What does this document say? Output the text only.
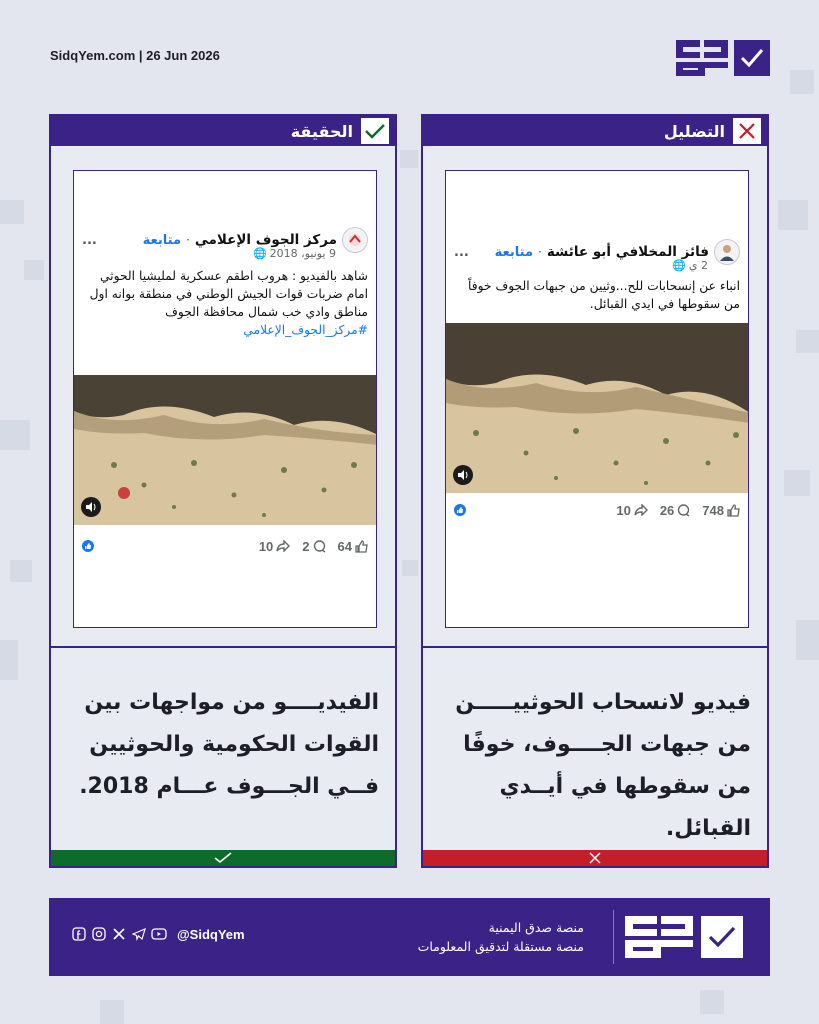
SidqYem.com | 26 Jun 2026
الحقيقة
مركز الجوف الإعلامي
·
متابعة
...
9 يونيو، 2018
🌐
شاهد بالفيديو : هروب اطقم عسكرية لمليشيا الحوثي امام ضربات قوات الجيش الوطني في منطقة بوانه اول مناطق وادي خب شمال محافظة الجوف
#مركز_الجوف_الإعلامي
10 2 64
الفيديــــو من مواجهات بين القوات الحكومية والحوثيين فــي الجـــوف عـــام 2018.
التضليل
فائز المخلافي أبو عائشة
·
متابعة
...
2 ي
🌐
انباء عن إنسحابات للح...وثيين من جبهات الجوف خوفاً من سقوطها في ايدي القبائل.
10 26 748
فيديو لانسحاب الحوثييـــــن من جبهات الجــــوف، خوفًا من سقوطها في أيــدي القبائل.
@SidqYem	منصة صدق اليمنية
منصة مستقلة لتدقيق المعلومات
